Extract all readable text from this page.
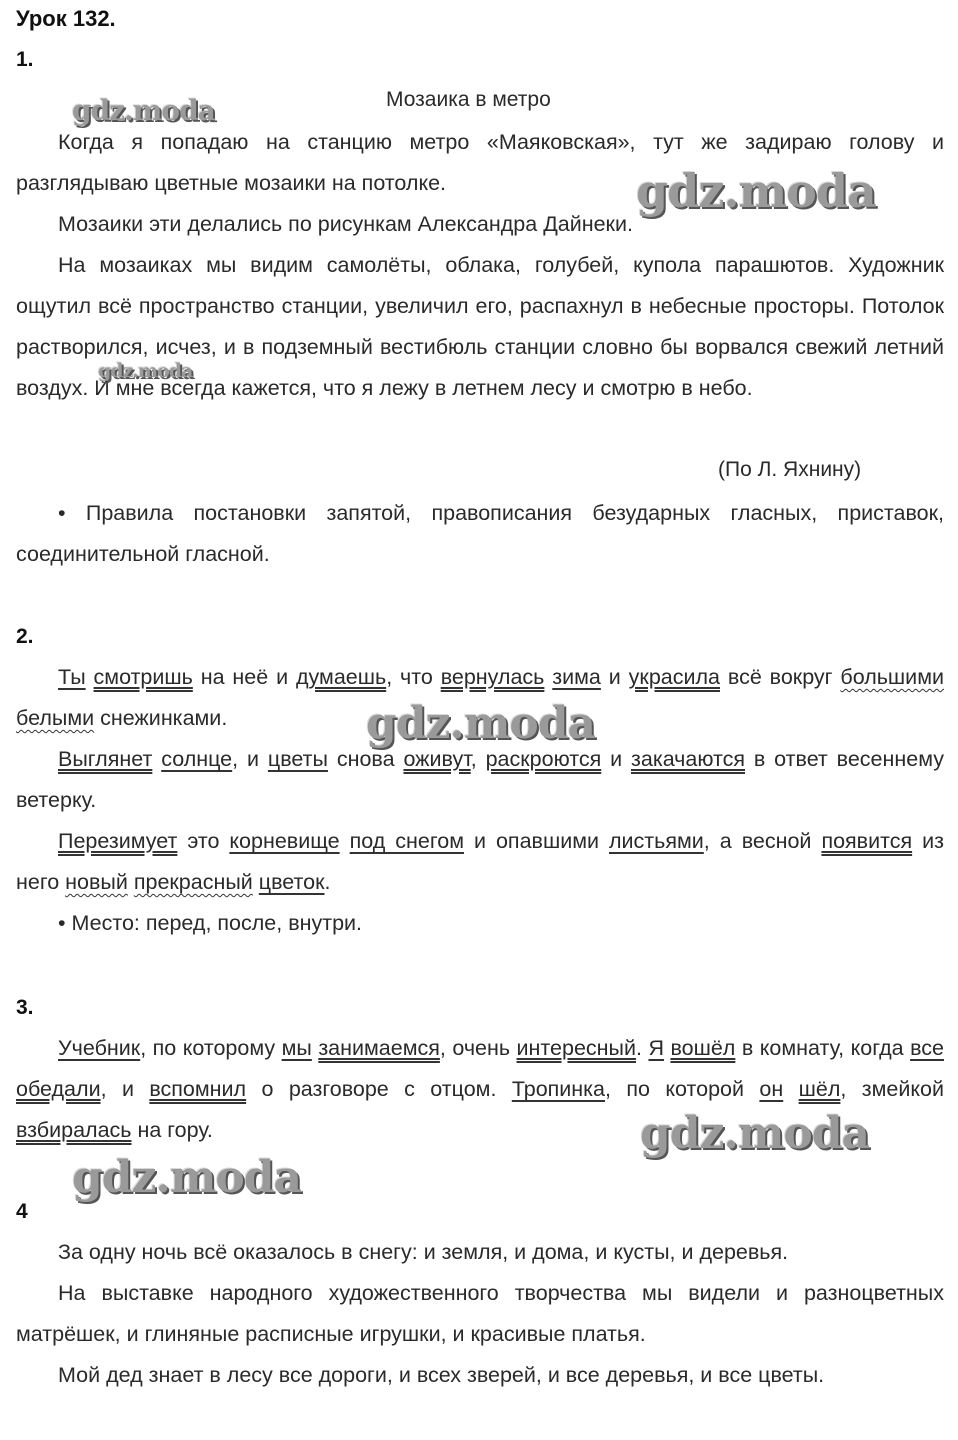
Урок 132.
1.
Мозаика в метро

Когда я попадаю на станцию метро «Маяковская», тут же задираю голову и разглядываю цветные мозаики на потолке.

Мозаики эти делались по рисункам Александра Дайнеки.

На мозаиках мы видим самолёты, облака, голубей, купола парашютов. Художник ощутил всё пространство станции, увеличил его, распахнул в небесные просторы. Потолок растворился, исчез, и в подземный вестибюль станции словно бы ворвался свежий летний воздух. И мне всегда кажется, что я лежу в летнем лесу и смотрю в небо.

(По Л. Яхнину)

• Правила постановки запятой, правописания безударных гласных, приставок, соединительной гласной.

2.

Ты смотришь на неё и думаешь, что вернулась зима и украсила всё вокруг большими белыми снежинками.

Выглянет солнце, и цветы снова оживут, раскроются и закачаются в ответ весеннему ветерку.

Перезимует это корневище под снегом и опавшими листьями, а весной появится из него новый прекрасный цветок.

• Место: перед, после, внутри.

3.

Учебник, по которому мы занимаемся, очень интересный. Я вошёл в комнату, когда все обедали, и вспомнил о разговоре с отцом. Тропинка, по которой он шёл, змейкой взбиралась на гору.

4

За одну ночь всё оказалось в снегу: и земля, и дома, и кусты, и деревья.

На выставке народного художественного творчества мы видели и разноцветных матрёшек, и глиняные расписные игрушки, и красивые платья.

Мой дед знает в лесу все дороги, и всех зверей, и все деревья, и все цветы.

gdz.moda
gdz.moda
gdz.moda
gdz.moda
gdz.moda
gdz.moda
